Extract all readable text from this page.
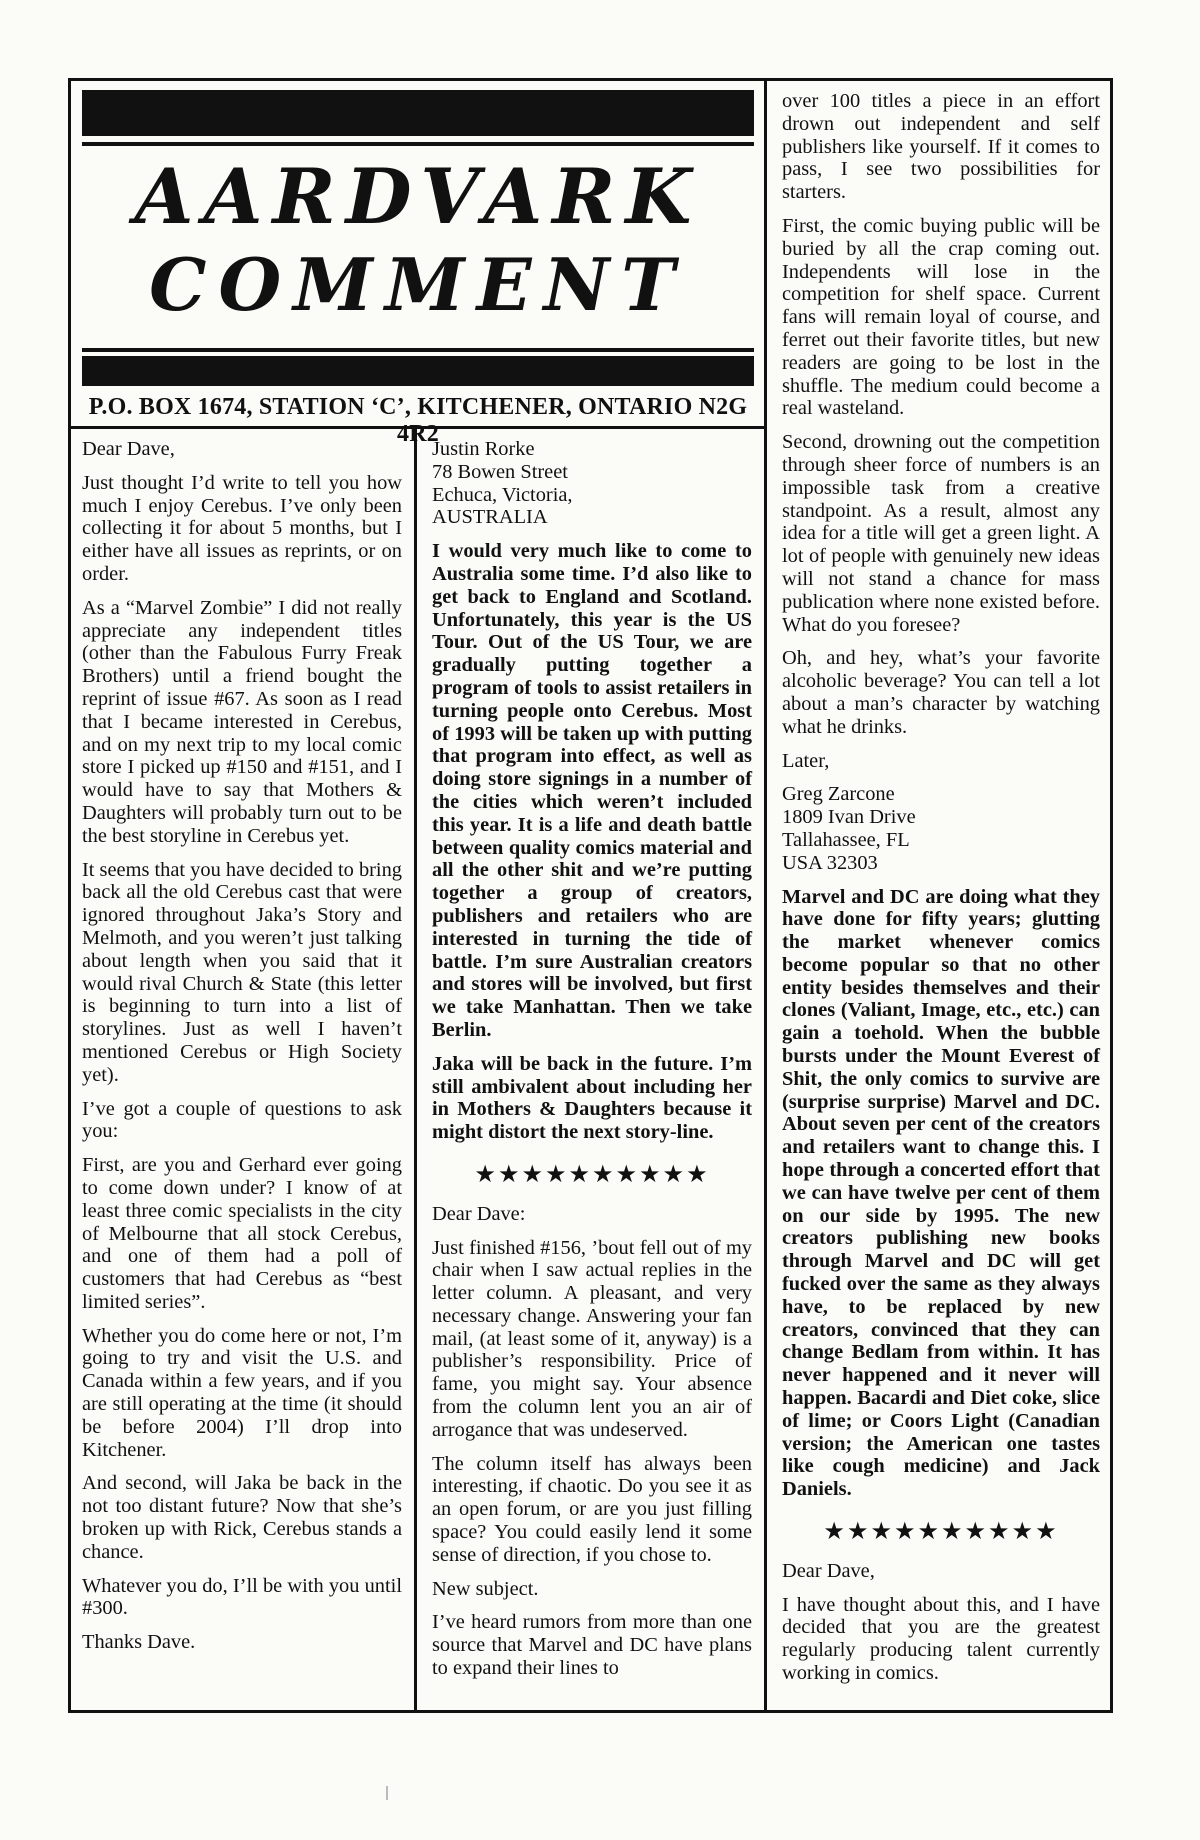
AARDVARK
COMMENT
P.O. BOX 1674, STATION ‘C’, KITCHENER, ONTARIO N2G 4R2

Dear Dave,

Just thought I’d write to tell you how much I enjoy Cerebus. I’ve only been collecting it for about 5 months, but I either have all issues as reprints, or on order.

As a “Marvel Zombie” I did not really appreciate any independent titles (other than the Fabulous Furry Freak Brothers) until a friend bought the reprint of issue #67. As soon as I read that I became interested in Cerebus, and on my next trip to my local comic store I picked up #150 and #151, and I would have to say that Mothers & Daughters will probably turn out to be the best storyline in Cerebus yet.

It seems that you have decided to bring back all the old Cerebus cast that were ignored throughout Jaka’s Story and Melmoth, and you weren’t just talking about length when you said that it would rival Church & State (this letter is beginning to turn into a list of storylines. Just as well I haven’t mentioned Cerebus or High Society yet).

I’ve got a couple of questions to ask you:

First, are you and Gerhard ever going to come down under? I know of at least three comic specialists in the city of Melbourne that all stock Cerebus, and one of them had a poll of customers that had Cerebus as “best limited series”.

Whether you do come here or not, I’m going to try and visit the U.S. and Canada within a few years, and if you are still operating at the time (it should be before 2004) I’ll drop into Kitchener.

And second, will Jaka be back in the not too distant future? Now that she’s broken up with Rick, Cerebus stands a chance.

Whatever you do, I’ll be with you until #300.

Thanks Dave.

Justin Rorke

78 Bowen Street

Echuca, Victoria,

AUSTRALIA

I would very much like to come to Australia some time. I’d also like to get back to England and Scotland. Unfortunately, this year is the US Tour. Out of the US Tour, we are gradually putting together a program of tools to assist retailers in turning people onto Cerebus. Most of 1993 will be taken up with putting that program into effect, as well as doing store signings in a number of the cities which weren’t included this year. It is a life and death battle between quality comics material and all the other shit and we’re putting together a group of creators, publishers and retailers who are interested in turning the tide of battle. I’m sure Australian creators and stores will be involved, but first we take Manhattan. Then we take Berlin.

Jaka will be back in the future. I’m still ambivalent about including her in Mothers & Daughters because it might distort the next story-line.

★★★★★★★★★★

Dear Dave:

Just finished #156, ’bout fell out of my chair when I saw actual replies in the letter column. A pleasant, and very necessary change. Answering your fan mail, (at least some of it, anyway) is a publisher’s responsibility. Price of fame, you might say. Your absence from the column lent you an air of arrogance that was undeserved.

The column itself has always been interesting, if chaotic. Do you see it as an open forum, or are you just filling space? You could easily lend it some sense of direction, if you chose to.

New subject.

I’ve heard rumors from more than one source that Marvel and DC have plans to expand their lines to

over 100 titles a piece in an effort drown out independent and self publishers like yourself. If it comes to pass, I see two possibilities for starters.

First, the comic buying public will be buried by all the crap coming out. Independents will lose in the competition for shelf space. Current fans will remain loyal of course, and ferret out their favorite titles, but new readers are going to be lost in the shuffle. The medium could become a real wasteland.

Second, drowning out the competition through sheer force of numbers is an impossible task from a creative standpoint. As a result, almost any idea for a title will get a green light. A lot of people with genuinely new ideas will not stand a chance for mass publication where none existed before. What do you foresee?

Oh, and hey, what’s your favorite alcoholic beverage? You can tell a lot about a man’s character by watching what he drinks.

Later,

Greg Zarcone

1809 Ivan Drive

Tallahassee, FL

USA 32303

Marvel and DC are doing what they have done for fifty years; glutting the market whenever comics become popular so that no other entity besides themselves and their clones (Valiant, Image, etc., etc.) can gain a toehold. When the bubble bursts under the Mount Everest of Shit, the only comics to survive are (surprise surprise) Marvel and DC. About seven per cent of the creators and retailers want to change this. I hope through a concerted effort that we can have twelve per cent of them on our side by 1995. The new creators publishing new books through Marvel and DC will get fucked over the same as they always have, to be replaced by new creators, convinced that they can change Bedlam from within. It has never happened and it never will happen. Bacardi and Diet coke, slice of lime; or Coors Light (Canadian version; the American one tastes like cough medicine) and Jack Daniels.

★★★★★★★★★★

Dear Dave,

I have thought about this, and I have decided that you are the greatest regularly producing talent currently working in comics.
